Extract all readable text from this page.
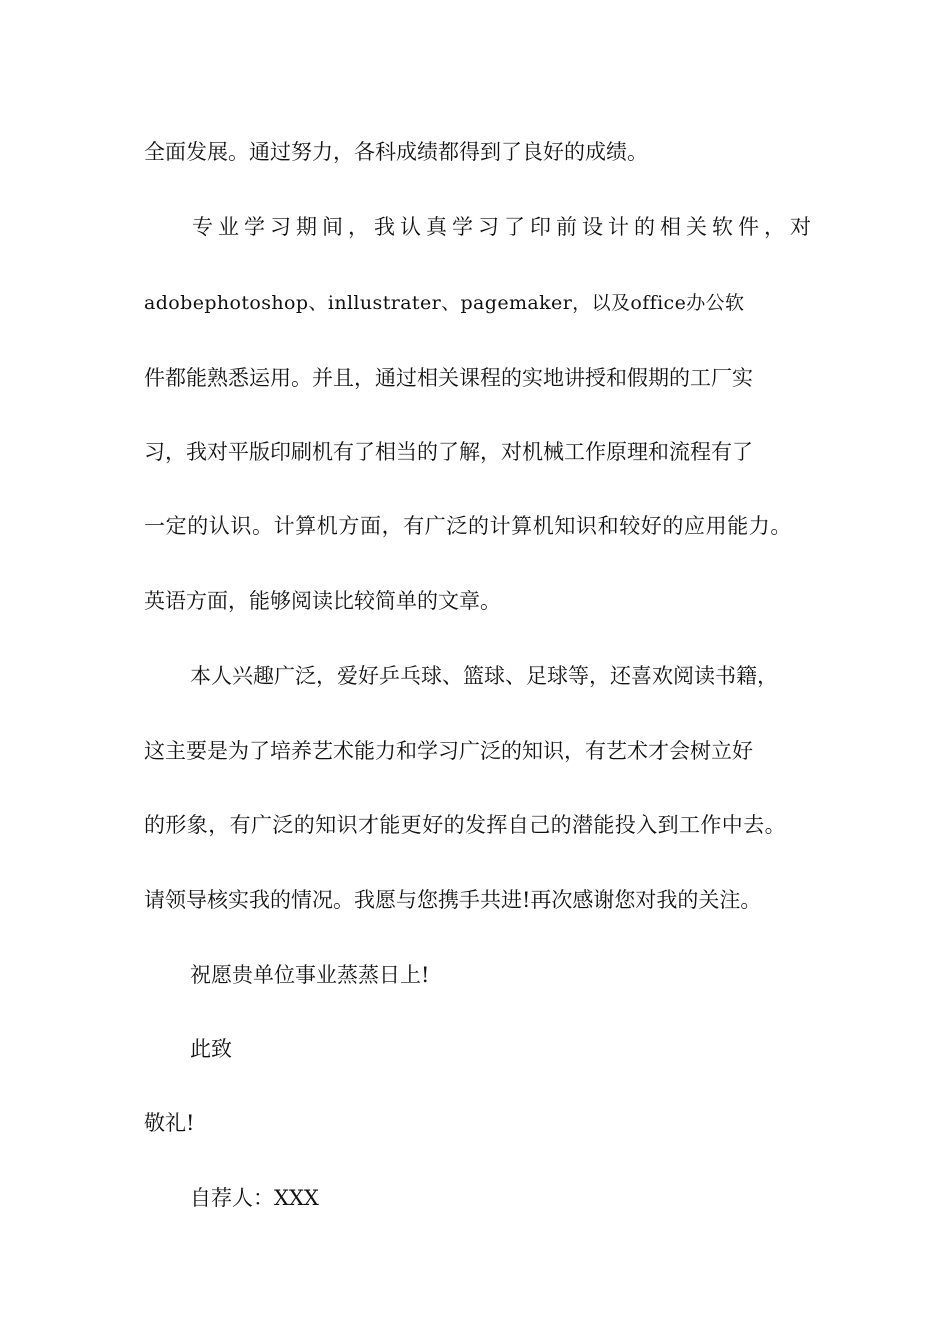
全面发展。通过努力，各科成绩都得到了良好的成绩。
专业学习期间，我认真学习了印前设计的相关软件，对
adobephotoshop、inllustrater、pagemaker，以及office办公软
件都能熟悉运用。并且，通过相关课程的实地讲授和假期的工厂实
习，我对平版印刷机有了相当的了解，对机械工作原理和流程有了
一定的认识。计算机方面，有广泛的计算机知识和较好的应用能力。
英语方面，能够阅读比较简单的文章。
本人兴趣广泛，爱好乒乓球、篮球、足球等，还喜欢阅读书籍，
这主要是为了培养艺术能力和学习广泛的知识，有艺术才会树立好
的形象，有广泛的知识才能更好的发挥自己的潜能投入到工作中去。
请领导核实我的情况。我愿与您携手共进!再次感谢您对我的关注。
祝愿贵单位事业蒸蒸日上!
此致
敬礼!
自荐人：XXX
